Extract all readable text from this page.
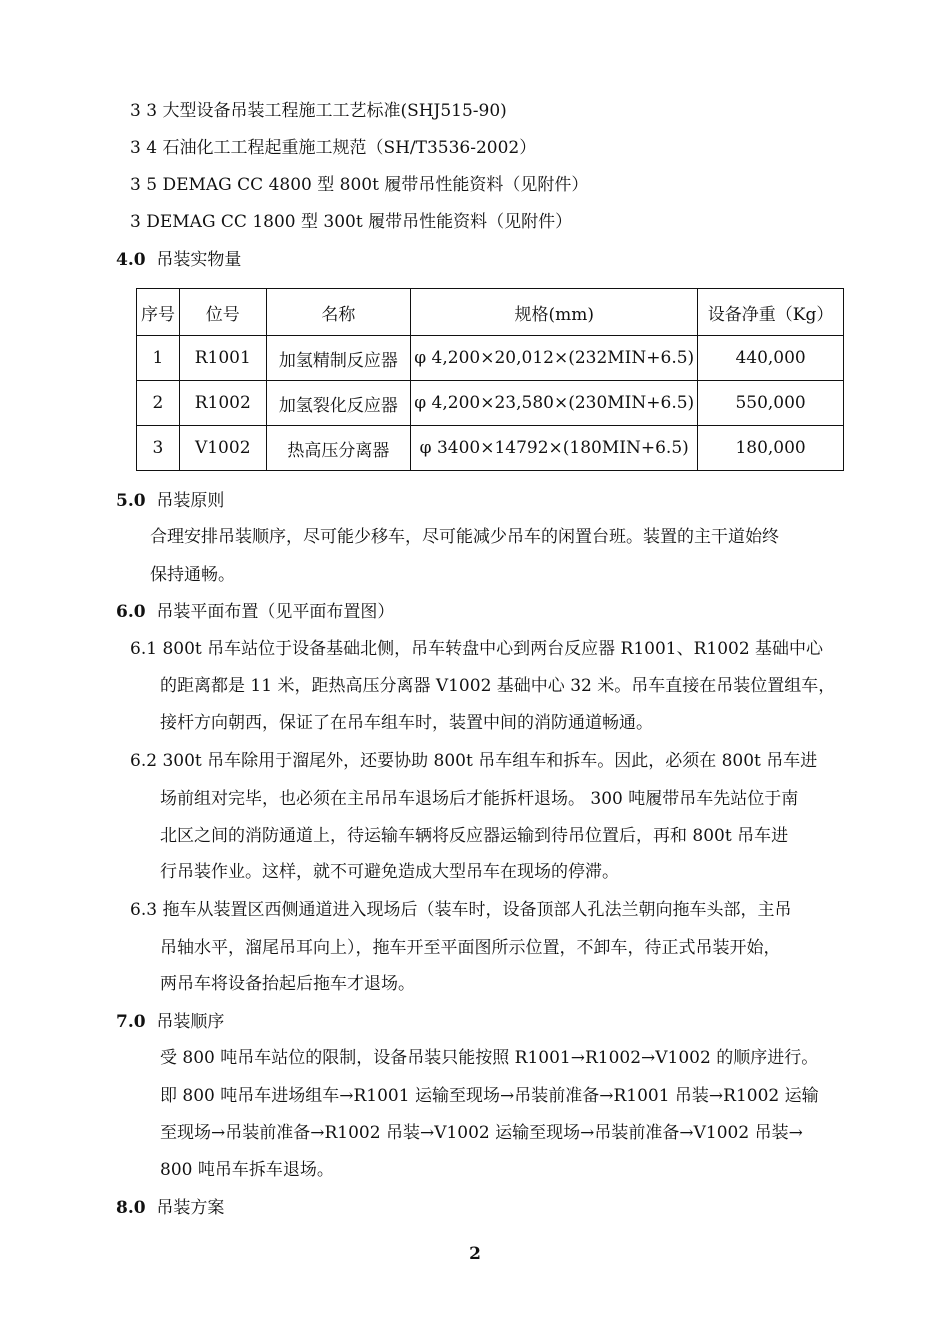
3 3 大型设备吊装工程施工工艺标准(SHJ515-90)
3 4 石油化工工程起重施工规范（SH/T3536-2002）
3 5 DEMAG CC 4800 型 800t 履带吊性能资料（见附件）
3 DEMAG CC 1800 型 300t 履带吊性能资料（见附件）
4.0 吊装实物量
序号	位号	名称	规格(mm)	设备净重（Kg）
1	R1001	加氢精制反应器	φ 4,200×20,012×(232MIN+6.5)	440,000
2	R1002	加氢裂化反应器	φ 4,200×23,580×(230MIN+6.5)	550,000
3	V1002	热高压分离器	φ 3400×14792×(180MIN+6.5)	180,000
5.0 吊装原则
合理安排吊装顺序，尽可能少移车，尽可能减少吊车的闲置台班。装置的主干道始终
保持通畅。
6.0 吊装平面布置（见平面布置图）
6.1 800t 吊车站位于设备基础北侧，吊车转盘中心到两台反应器 R1001、R1002 基础中心
的距离都是 11 米，距热高压分离器 V1002 基础中心 32 米。吊车直接在吊装位置组车，
接杆方向朝西，保证了在吊车组车时，装置中间的消防通道畅通。
6.2 300t 吊车除用于溜尾外，还要协助 800t 吊车组车和拆车。因此，必须在 800t 吊车进
场前组对完毕，也必须在主吊吊车退场后才能拆杆退场。 300 吨履带吊车先站位于南
北区之间的消防通道上，待运输车辆将反应器运输到待吊位置后，再和 800t 吊车进
行吊装作业。这样，就不可避免造成大型吊车在现场的停滞。
6.3 拖车从装置区西侧通道进入现场后（装车时，设备顶部人孔法兰朝向拖车头部，主吊
吊轴水平，溜尾吊耳向上），拖车开至平面图所示位置，不卸车，待正式吊装开始，
两吊车将设备抬起后拖车才退场。
7.0 吊装顺序
受 800 吨吊车站位的限制，设备吊装只能按照 R1001→R1002→V1002 的顺序进行。
即 800 吨吊车进场组车→R1001 运输至现场→吊装前准备→R1001 吊装→R1002 运输
至现场→吊装前准备→R1002 吊装→V1002 运输至现场→吊装前准备→V1002 吊装→
800 吨吊车拆车退场。
8.0 吊装方案
2
